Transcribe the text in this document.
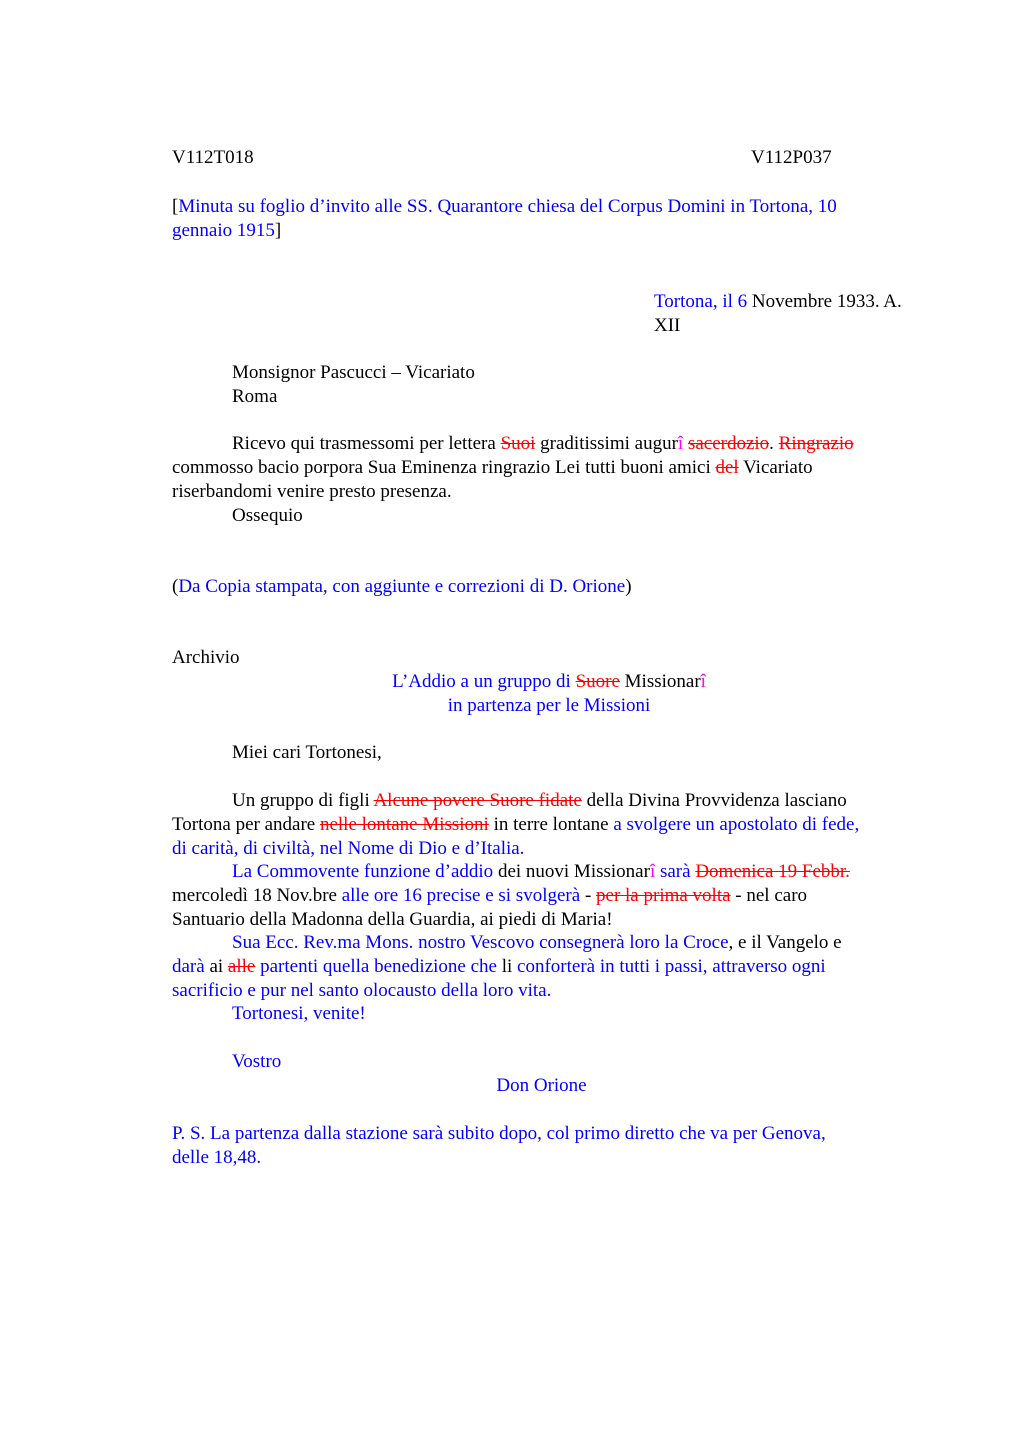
V112T018	V112P037
[Minuta su foglio d’invito alle SS. Quarantore chiesa del Corpus Domini in Tortona, 10
gennaio 1915]
Tortona, il 6 Novembre 1933. A.
XII
Monsignor Pascucci – Vicariato
Roma
Ricevo qui trasmessomi per lettera Suoi graditissimi augurî sacerdozio. Ringrazio
commosso bacio porpora Sua Eminenza ringrazio Lei tutti buoni amici del Vicariato
riserbandomi venire presto presenza.
Ossequio
(Da Copia stampata, con aggiunte e correzioni di D. Orione)
Archivio
L’Addio a un gruppo di Suore Missionarî
in partenza per le Missioni
Miei cari Tortonesi,
Un gruppo di figli Alcune povere Suore fidate della Divina Provvidenza lasciano
Tortona per andare nelle lontane Missioni in terre lontane a svolgere un apostolato di fede,
di carità, di civiltà, nel Nome di Dio e d’Italia.
La Commovente funzione d’addio dei nuovi Missionarî sarà Domenica 19 Febbr.
mercoledì 18 Nov.bre alle ore 16 precise e si svolgerà - per la prima volta - nel caro
Santuario della Madonna della Guardia, ai piedi di Maria!
Sua Ecc. Rev.ma Mons. nostro Vescovo consegnerà loro la Croce, e il Vangelo e
darà ai alle partenti quella benedizione che li conforterà in tutti i passi, attraverso ogni
sacrificio e pur nel santo olocausto della loro vita.
Tortonesi, venite!
Vostro
Don Orione
P. S. La partenza dalla stazione sarà subito dopo, col primo diretto che va per Genova,
delle 18,48.
